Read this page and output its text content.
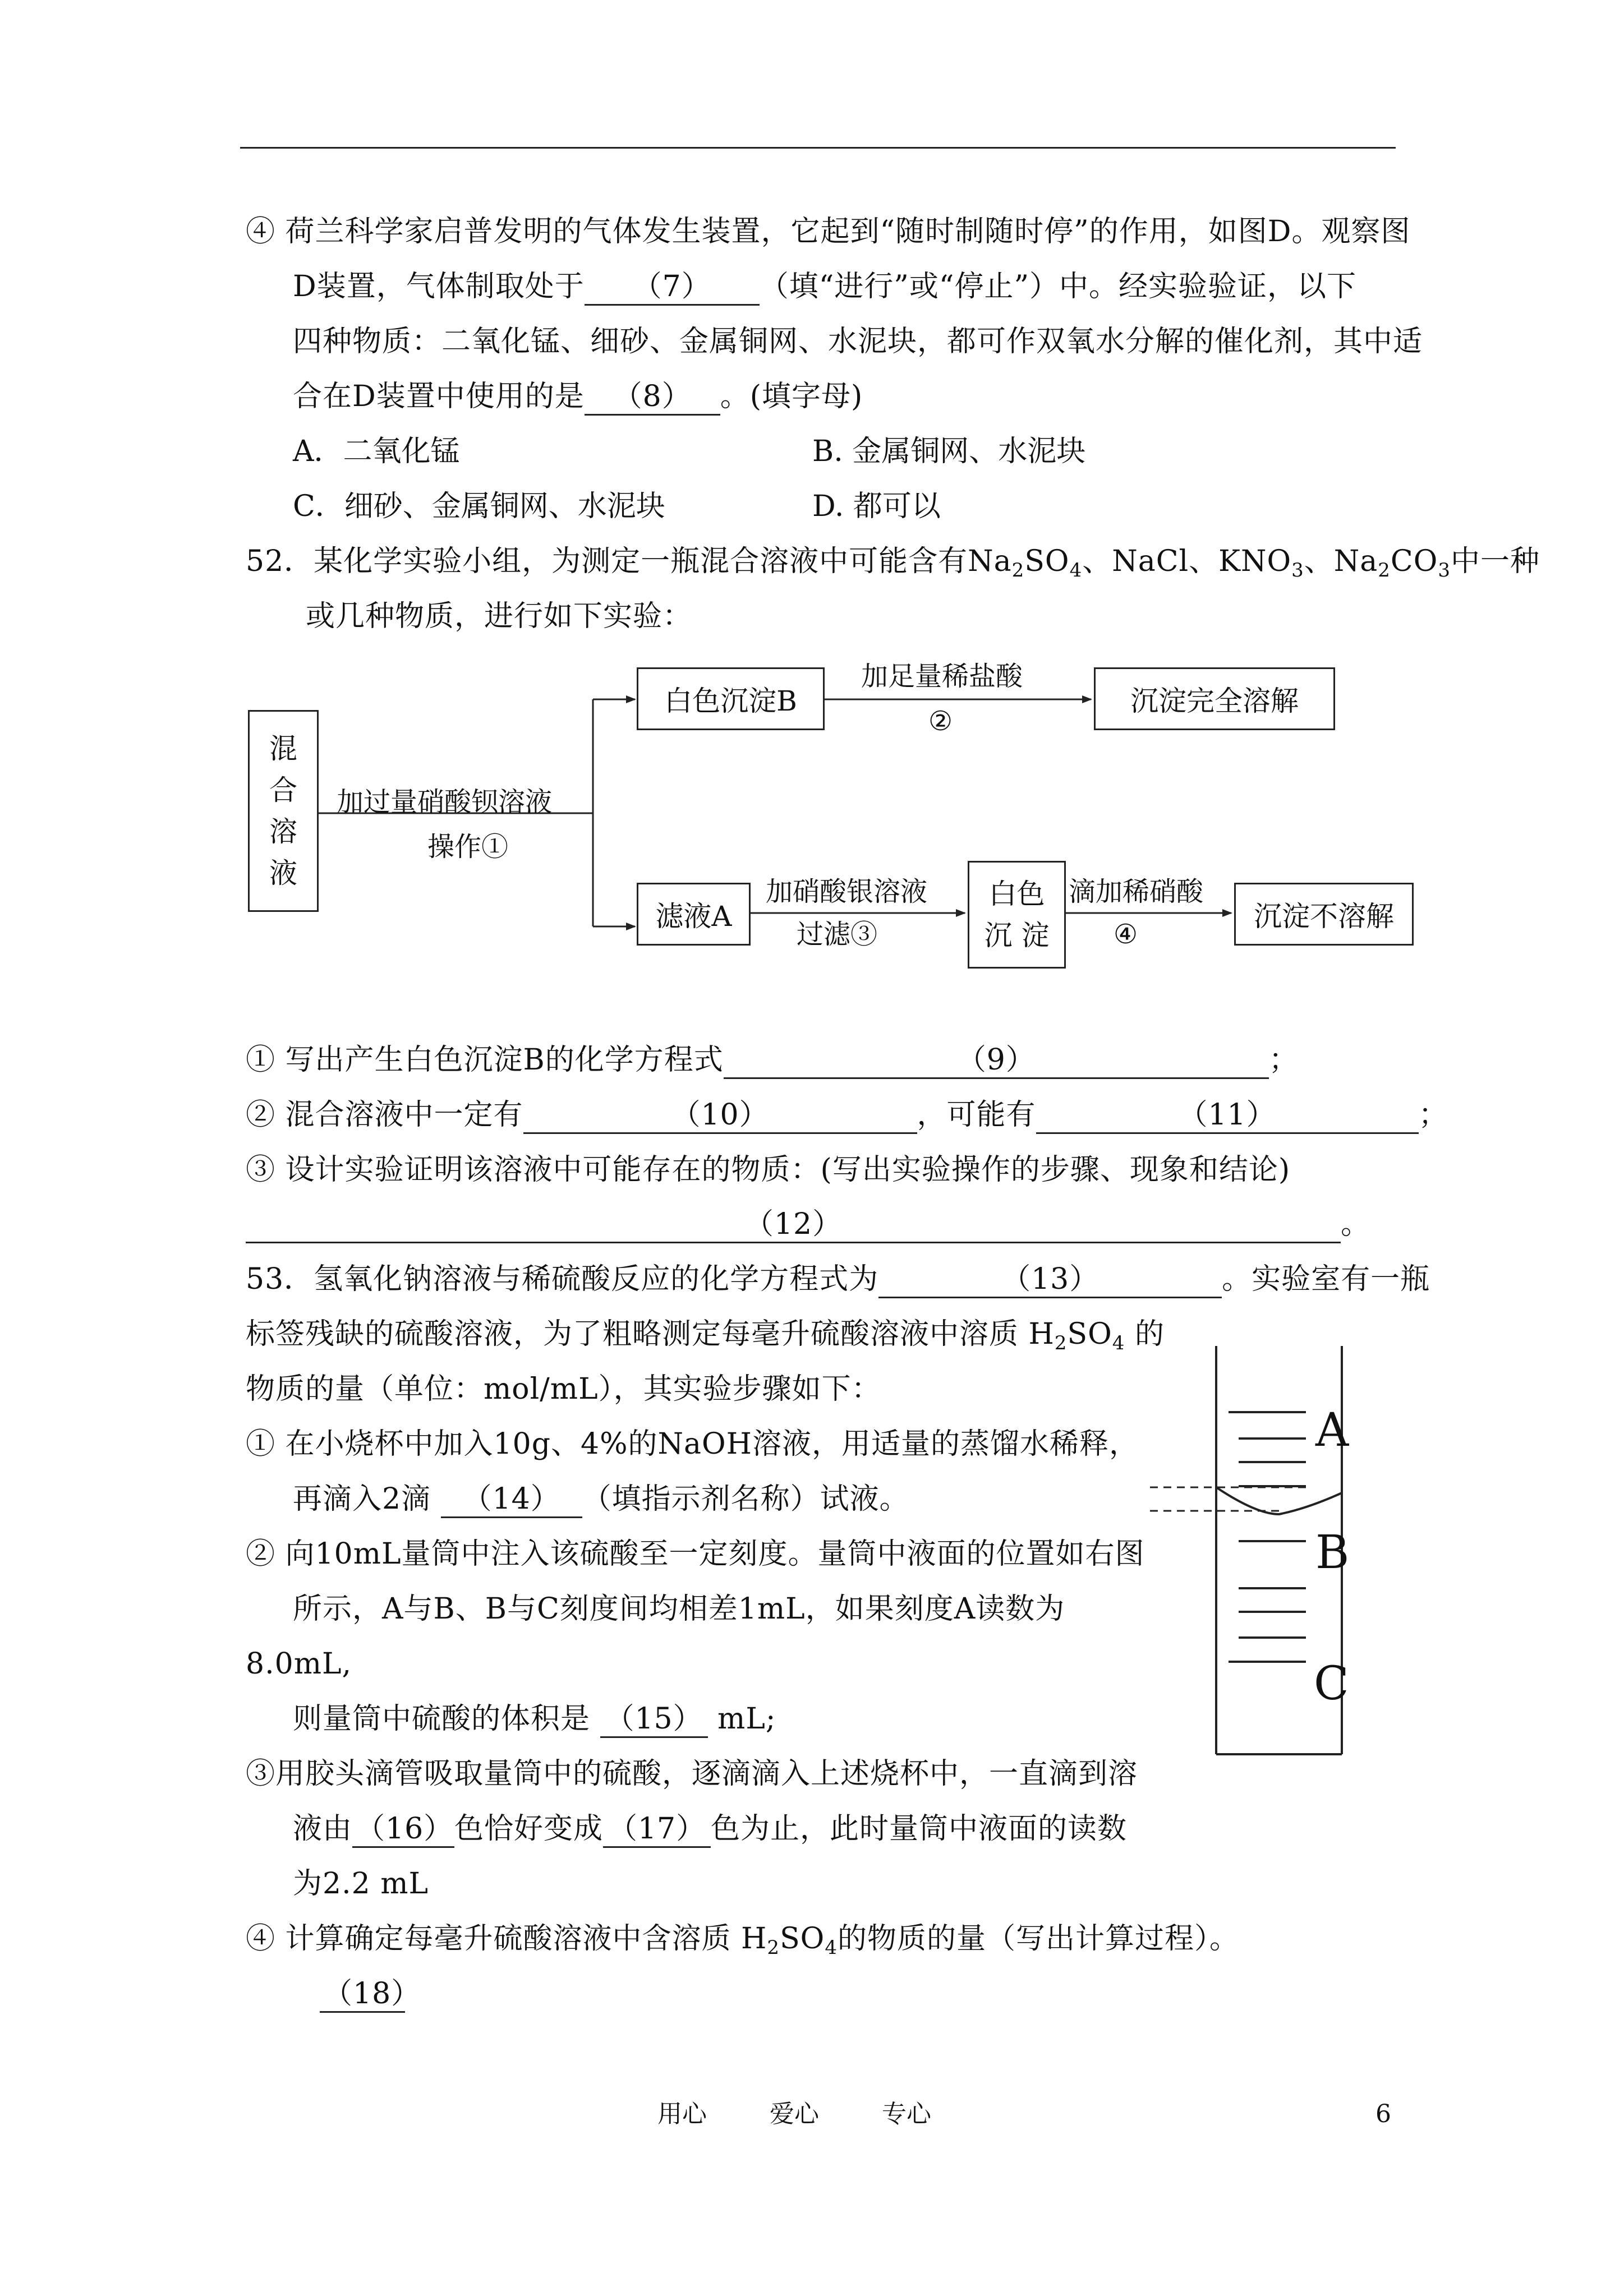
④ 荷兰科学家启普发明的气体发生装置，它起到“随时制随时停”的作用，如图D。观察图
D装置，气体制取处于 （7） （填“进行”或“停止”）中。经实验验证，以下
四种物质：二氧化锰、细砂、金属铜网、水泥块，都可作双氧水分解的催化剂，其中适
合在D装置中使用的是 （8） 。(填字母)
A．二氧化锰	B. 金属铜网、水泥块
C．细砂、金属铜网、水泥块	D. 都可以
52．某化学实验小组，为测定一瓶混合溶液中可能含有$Na_2SO_4$、NaCl、$KNO_3$、$Na_2CO_3$中一种
或几种物质，进行如下实验：
混
合
溶
液
加过量硝酸钡溶液
操作①
白色沉淀B
加足量稀盐酸
②
沉淀完全溶解
滤液A
加硝酸银溶液
过滤③
白色
沉 淀
滴加稀硝酸
④
沉淀不溶解
① 写出产生白色沉淀B的化学方程式	（9）	；
② 混合溶液中一定有	（10）	，可能有	（11）	；
③ 设计实验证明该溶液中可能存在的物质：(写出实验操作的步骤、现象和结论)
（12）	。
53．氢氧化钠溶液与稀硫酸反应的化学方程式为	（13）	。实验室有一瓶
标签残缺的硫酸溶液，为了粗略测定每毫升硫酸溶液中溶质 $H_2SO_4$ 的
物质的量（单位：mol/mL），其实验步骤如下：
① 在小烧杯中加入10g、4%的NaOH溶液，用适量的蒸馏水稀释，
再滴入2滴 （14） （填指示剂名称）试液。
② 向10mL量筒中注入该硫酸至一定刻度。量筒中液面的位置如右图
所示，A与B、B与C刻度间均相差1mL，如果刻度A读数为
8.0mL,
则量筒中硫酸的体积是 （15） mL;
③用胶头滴管吸取量筒中的硫酸，逐滴滴入上述烧杯中，一直滴到溶
液由 （16）色恰好变成 （17） 色为止，此时量筒中液面的读数
为2.2 mL
④ 计算确定每毫升硫酸溶液中含溶质 $H_2SO_4$的物质的量（写出计算过程）。
（18）
A
B
C
用心	爱心	专心	6
